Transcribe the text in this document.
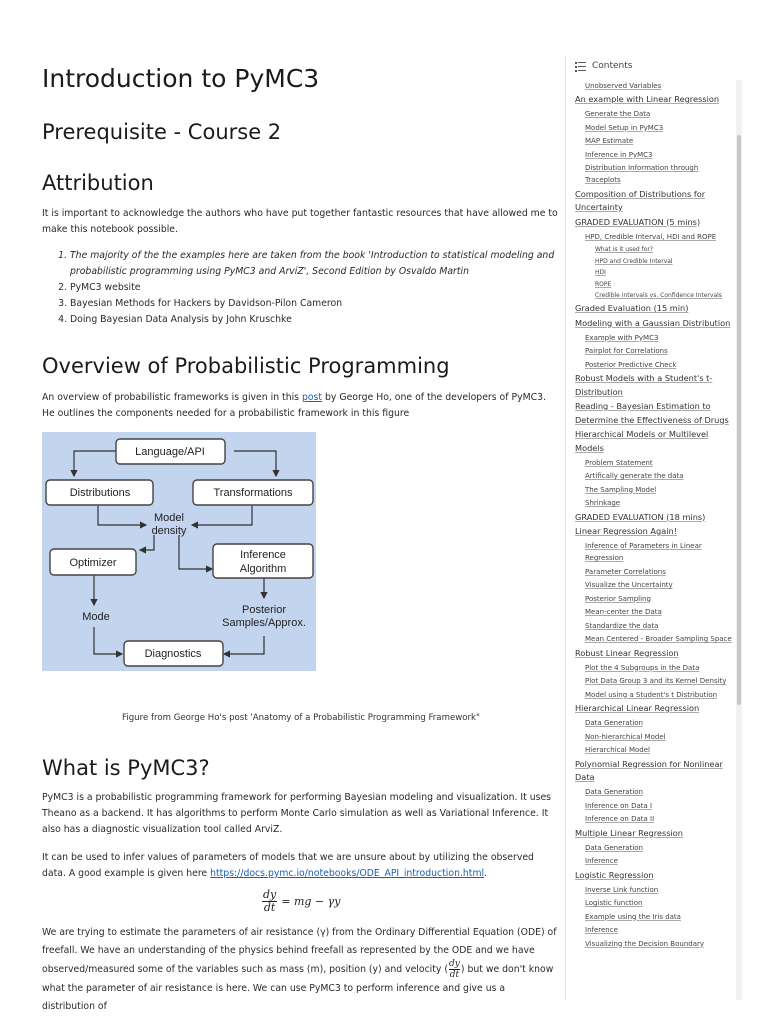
Introduction to PyMC3
Prerequisite - Course 2
Attribution

It is important to acknowledge the authors who have put together fantastic resources that have allowed me to make this notebook possible.

1. The majority of the the examples here are taken from the book 'Introduction to statistical modeling and probabilistic programming using PyMC3 and ArviZ', Second Edition by Osvaldo Martin
2. PyMC3 website
3. Bayesian Methods for Hackers by Davidson-Pilon Cameron
4. Doing Bayesian Data Analysis by John Kruschke
Overview of Probabilistic Programming

An overview of probabilistic frameworks is given in this post by George Ho, one of the developers of PyMC3. He outlines the components needed for a probabilistic framework in this figure

Language/API
Distributions	Transformations
Model
density
Optimizer
Inference
Algorithm
Mode
Posterior
Samples/Approx.
Diagnostics
Figure from George Ho's post 'Anatomy of a Probabilistic Programming Framework"
What is PyMC3?

PyMC3 is a probabilistic programming framework for performing Bayesian modeling and visualization. It uses Theano as a backend. It has algorithms to perform Monte Carlo simulation as well as Variational Inference. It also has a diagnostic visualization tool called ArviZ.

It can be used to infer values of parameters of models that we are unsure about by utilizing the observed data. A good example is given here https://docs.pymc.io/notebooks/ODE_API_introduction.html.

$\frac{dy}{dt}$ = mg − γy

We are trying to estimate the parameters of air resistance (γ) from the Ordinary Differential Equation (ODE) of freefall. We have an understanding of the physics behind freefall as represented by the ODE and we have observed/measured some of the variables such as mass (m), position (y) and velocity ( $\frac{dy}{dt}$ ) but we don't know what the parameter of air resistance is here. We can use PyMC3 to perform inference and give us a distribution of

Contents
Unobserved Variables
An example with Linear Regression
Generate the Data
Model Setup in PyMC3
MAP Estimate
Inference in PyMC3
Distribution Information through Traceplots
Composition of Distributions for Uncertainty
GRADED EVALUATION (5 mins)
HPD, Credible Interval, HDI and ROPE
What is it used for?
HPD and Credible Interval
HDI
ROPE
Credible intervals vs. Confidence Intervals
Graded Evaluation (15 min)
Modeling with a Gaussian Distribution
Example with PyMC3
Pairplot for Correlations
Posterior Predictive Check
Robust Models with a Student's t-Distribution
Reading - Bayesian Estimation to Determine the Effectiveness of Drugs
Hierarchical Models or Multilevel Models
Problem Statement
Artifically generate the data
The Sampling Model
Shrinkage
GRADED EVALUATION (18 mins)
Linear Regression Again!
Inference of Parameters in Linear Regression
Parameter Correlations
Visualize the Uncertainty
Posterior Sampling
Mean-center the Data
Standardize the data
Mean Centered - Broader Sampling Space
Robust Linear Regression
Plot the 4 Subgroups in the Data
Plot Data Group 3 and its Kernel Density
Model using a Student's t Distribution
Hierarchical Linear Regression
Data Generation
Non-hierarchical Model
Hierarchical Model
Polynomial Regression for Nonlinear Data
Data Generation
Inference on Data I
Inference on Data II
Multiple Linear Regression
Data Generation
Inference
Logistic Regression
Inverse Link function
Logistic function
Example using the Iris data
Inference
Visualizing the Decision Boundary
